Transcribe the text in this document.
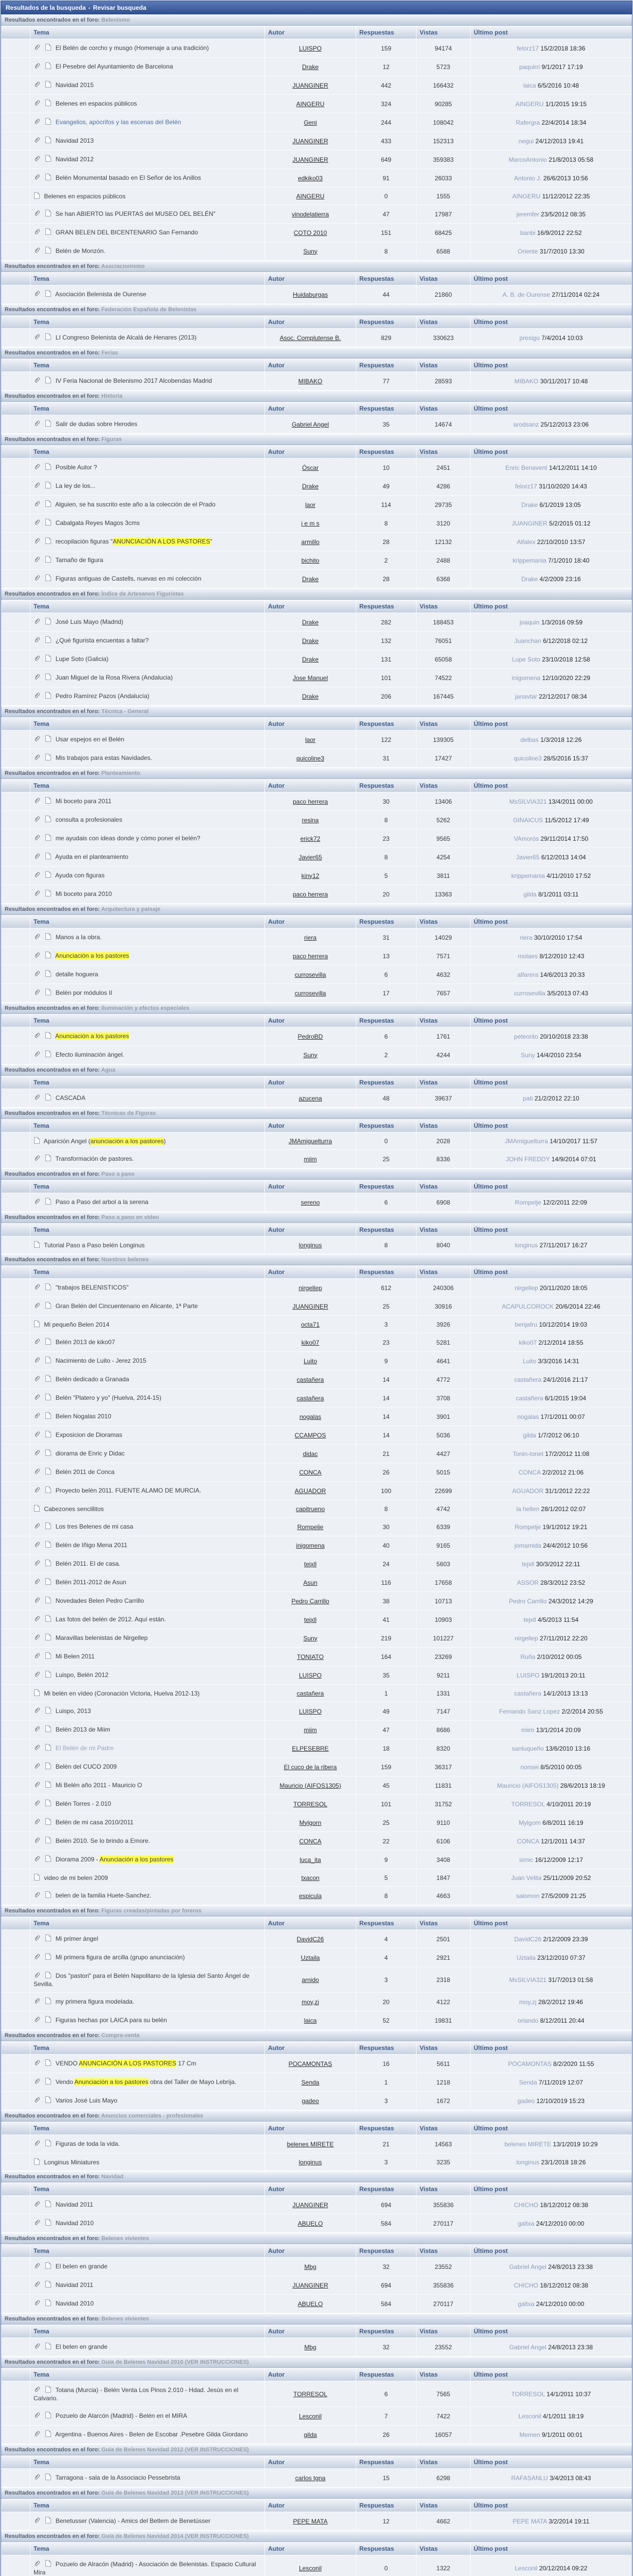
Resultados de la busqueda - Revisar busqueda
Resultados encontrados en el foro: Belenismo
	Tema	Autor	Respuestas	Vistas	Último post
	El Belén de corcho y musgo (Homenaje a una tradición)	LUISPO	159	94174	felorz17 15/2/2018 18:36
	El Pesebre del Ayuntamiento de Barcelona	Drake	12	5723	paquirri 9/1/2017 17:19
	Navidad 2015	JUANGINER	442	166432	laica 6/5/2016 10:48
	Belenes en espacios públicos	AINGERU	324	90285	AINGERU 1/1/2015 19:15
	Evangelios, apócrifos y las escenas del Belén	Geni	244	108042	Rafergra 22/4/2014 18:34
	Navidad 2013	JUANGINER	433	152313	negui 24/12/2013 19:41
	Navidad 2012	JUANGINER	649	359383	MarcoAntonio 21/8/2013 05:58
	Belén Monumental basado en El Señor de los Anillos	edkiko03	91	26033	Antonio J. 26/6/2013 10:56
	Belenes en espacios públicos	AINGERU	0	1555	AINGERU 11/12/2012 22:35
	Se han ABIERTO las PUERTAS del MUSEO DEL BELÉN"	vinodelatierra	47	17987	jeremfer 23/5/2012 08:35
	GRAN BELEN DEL BICENTENARIO San Fernando	COTO 2010	151	68425	banbi 16/9/2012 22:52
	Belén de Monzón.	Suny	8	6588	Oriente 31/7/2010 13:30
Resultados encontrados en el foro: Asociacionismo
	Tema	Autor	Respuestas	Vistas	Último post
	Asociación Belenista de Ourense	Huidaburgas	44	21860	A. B. de Ourense 27/11/2014 02:24
Resultados encontrados en el foro: Federación Española de Belenistas
	Tema	Autor	Respuestas	Vistas	Último post
	LI Congreso Belenista de Alcalá de Henares (2013)	Asoc. Complutense B.	829	330623	presigu 7/4/2014 10:03
Resultados encontrados en el foro: Ferias
	Tema	Autor	Respuestas	Vistas	Último post
	IV Feria Nacional de Belenismo 2017 Alcobendas Madrid	MIBAKO	77	28593	MIBAKO 30/11/2017 10:48
Resultados encontrados en el foro: Historia
	Tema	Autor	Respuestas	Vistas	Último post
	Salir de dudas sobre Herodes	Gabriel Angel	35	14674	arodsanz 25/12/2013 23:06
Resultados encontrados en el foro: Figuras
	Tema	Autor	Respuestas	Vistas	Último post
	Posible Autor ?	Òscar	10	2451	Enric Benavent 14/12/2011 14:10
	La ley de los...	Drake	49	4286	felorz17 31/10/2020 14:43
	Alguien, se ha suscrito este año a la colección de el Prado	laor	114	29735	Drake 6/1/2019 13:05
	Cabalgata Reyes Magos 3cms	i e m s	8	3120	JUANGINER 5/2/2015 01:12
	recopilación figuras "ANUNCIACIÓN A LOS PASTORES"	armillo	28	12132	Alfalex 22/10/2010 13:57
	Tamaño de figura	bichito	2	2488	krippemania 7/1/2010 18:40
	Figuras antiguas de Castells, nuevas en mi colección	Drake	28	6368	Drake 4/2/2009 23:16
Resultados encontrados en el foro: Índice de Artesanos Figuristas
	Tema	Autor	Respuestas	Vistas	Último post
	José Luis Mayo (Madrid)	Drake	282	188453	joaquin 1/3/2016 09:59
	¿Qué figurista encuentas a faltar?	Drake	132	76051	Juanchan 6/12/2018 02:12
	Lupe Soto (Galicia)	Drake	131	65058	Lupe Soto 23/10/2018 12:58
	Juan Miguel de la Rosa Rivera (Andalucia)	Jose Manuel	101	74522	inigomena 12/10/2020 22:29
	Pedro Ramírez Pazos (Andalucía)	Drake	206	167445	janavtar 22/12/2017 08:34
Resultados encontrados en el foro: Técnica - General
	Tema	Autor	Respuestas	Vistas	Último post
	Usar espejos en el Belén	laor	122	139305	delbas 1/3/2018 12:26
	Mis trabajos para estas Navidades.	quicoline3	31	17427	quicoline3 28/5/2016 15:37
Resultados encontrados en el foro: Planteamiento
	Tema	Autor	Respuestas	Vistas	Último post
	Mi boceto para 2011	paco herrera	30	13406	MsSILVIA321 13/4/2011 00:00
	consulta a profesionales	resina	8	5262	GINAICUS 11/5/2012 17:49
	me ayudais con ideas donde y cómo poner el belén?	erick72	23	9565	VAmorós 29/11/2014 17:50
	Ayuda en el planteamiento	Javier65	8	4254	Javier65 6/12/2013 14:04
	Ayuda con figuras	kiny12	5	3811	krippemania 4/11/2010 17:52
	Mi boceto para 2010	paco herrera	20	13363	gilda 8/1/2011 03:11
Resultados encontrados en el foro: Arquitectura y paisaje
	Tema	Autor	Respuestas	Vistas	Último post
	Manos a la obra.	riera	31	14029	riera 30/10/2010 17:54
	Anunciación a los pastores	paco herrera	13	7571	molaes 8/12/2010 12:43
	detalle hoguera	currosevilla	6	4632	alfarera 14/6/2013 20:33
	Belén por módulos II	currosevilla	17	7657	currosevilla 3/5/2013 07:43
Resultados encontrados en el foro: Iluminación y efectos especiales
	Tema	Autor	Respuestas	Vistas	Último post
	Anunciación a los pastores	PedroBD	6	1761	peteorito 20/10/2018 23:38
	Efecto iluminación ángel.	Suny	2	4244	Suny 14/4/2010 23:54
Resultados encontrados en el foro: Agua
	Tema	Autor	Respuestas	Vistas	Último post
	CASCADA	azucena	48	39637	pati 21/2/2012 22:10
Resultados encontrados en el foro: Técnicas de Figuras
	Tema	Autor	Respuestas	Vistas	Último post
	Aparición Angel (anunciación a los pastores)	JMAmiguelturra	0	2028	JMAmiguelturra 14/10/2017 11:57
	Transformación de pastores.	miim	25	8336	JOHN FREDDY 14/9/2014 07:01
Resultados encontrados en el foro: Paso a paso
	Tema	Autor	Respuestas	Vistas	Último post
	Paso a Paso del arbol a la serena	sereno	6	6908	Rompelje 12/2/2011 22:09
Resultados encontrados en el foro: Paso a paso en vídeo
	Tema	Autor	Respuestas	Vistas	Último post
	Tutorial Paso a Paso belén Longinus	longinus	8	8040	longinus 27/11/2017 16:27
Resultados encontrados en el foro: Nuestros belenes
	Tema	Autor	Respuestas	Vistas	Último post
	"trabajos BELENISTICOS"	nirgellep	612	240306	nirgellep 20/11/2020 18:05
	Gran Belén del Cincuentenario en Alicante, 1ª Parte	JUANGINER	25	30916	ACAPULCOROCK 20/6/2014 22:46
	Mi pequeño Belen 2014	octa71	3	3926	benjafru 10/12/2014 19:03
	Belén 2013 de kiko07	kiko07	23	5281	kiko07 2/12/2014 18:55
	Nacimiento de Luito - Jerez 2015	Luito	9	4641	Luito 3/3/2016 14:31
	Belén dedicado a Granada	castañera	14	4772	castañera 24/1/2016 21:17
	Belén "Platero y yo" (Huelva, 2014-15)	castañera	14	3708	castañera 6/1/2015 19:04
	Belen Nogalas 2010	nogalas	14	3901	nogalas 17/1/2011 00:07
	Exposicion de Dioramas	CCAMPOS	14	5036	gilda 1/7/2012 06:10
	diorama de Enric y Didac	didac	21	4427	Tonin-tonet 17/2/2012 11:08
	Belén 2011 de Conca	CONCA	26	5015	CONCA 2/2/2012 21:06
	Proyecto belén 2011. FUENTE ALAMO DE MURCIA.	AGUADOR	100	22699	AGUADOR 31/1/2012 22:22
	Cabezones sencillitos	capitrueno	8	4742	la hellen 28/1/2012 02:07
	Los tres Belenes de mi casa	Rompelje	30	6339	Rompelje 19/1/2012 19:21
	Belén de Iñigo Mena 2011	inigomena	40	9165	jomamida 24/4/2012 10:56
	Belén 2011. El de casa.	tejxll	24	5603	tejxll 30/3/2012 22:11
	Belén 2011-2012 de Asun	Asun	116	17658	ASSOR 28/3/2012 23:52
	Novedades Belen Pedro Carrillo	Pedro Carrillo	38	10713	Pedro Carrillo 24/3/2012 14:29
	Las fotos del belén de 2012. Aquí están.	tejxll	41	10903	tejxll 4/5/2013 11:54
	Maravillas belenistas de Nirgellep	Suny	219	101227	nirgellep 27/11/2012 22:20
	Mi Belen 2011	TONIATO	164	23269	Ruña 2/10/2012 00:05
	Luispo, Belén 2012	LUISPO	35	9211	LUISPO 19/1/2013 20:11
	Mi belén en vídeo (Coronación Victoria, Huelva 2012-13)	castañera	1	1331	castañera 14/1/2013 13:13
	Luispo, 2013	LUISPO	49	7147	Fernando Sanz Lopez 2/2/2014 20:55
	Belén 2013 de Miim	miim	47	8686	miim 13/1/2014 20:09
	El Belén de mi Padre	ELPESEBRE	18	8320	sanluqueño 13/6/2010 13:16
	Belén del CUCO 2009	El cuco de la ribera	159	36317	nonsei 8/5/2010 00:05
	Mi Belén año 2011 - Mauricio O	Mauricio (AIFOS1305)	45	11831	Mauricio (AIFOS1305) 28/6/2013 18:19
	Belén Torres - 2.010	TORRESOL	101	31752	TORRESOL 4/10/2011 20:19
	Belén de mi casa 2010/2011	Mylgorn	25	9110	Mylgorn 6/8/2011 16:19
	Belén 2010. Se lo brindo a Emore.	CONCA	22	6106	CONCA 12/1/2011 14:37
	Diorama 2009 - Anunciación a los pastores	luca_ita	9	3408	simic 16/12/2009 12:17
	video de mi belen 2009	txacon	5	1847	Juan Velita 25/11/2009 20:52
	belen de la familia Huete-Sanchez.	espicula	8	4663	salomon 27/5/2009 21:25
Resultados encontrados en el foro: Figuras creadas/pintadas por foreros
	Tema	Autor	Respuestas	Vistas	Último post
	Mi primer ángel	DavidC26	4	2501	DavidC26 2/12/2009 23:39
	Mi primera figura de arcilla (grupo anunciación)	Uztaila	4	2921	Uztaila 23/12/2010 07:37
	Dos "pastori" para el Belén Napolitano de la Iglesia del Santo Ángel de Sevilla.	arnido	3	2318	MsSILVIA321 31/7/2013 01:58
	my primera figura modelada.	moy,zj	20	4122	moy,zj 28/2/2012 19:46
	Figuras hechas por LAICA para su belén	laica	52	19831	orlando 8/12/2011 20:44
Resultados encontrados en el foro: Compra-venta
	Tema	Autor	Respuestas	Vistas	Último post
	VENDO ANUNCIACIÓN A LOS PASTORES 17 Cm	POCAMONTAS	16	5611	POCAMONTAS 8/2/2020 11:55
	Vendo Anunciación a los pastores obra del Taller de Mayo Lebrija.	Senda	1	1218	Senda 7/11/2019 12:07
	Varios José Luis Mayo	gadeo	3	1672	gadeo 12/10/2019 15:23
Resultados encontrados en el foro: Anuncios comerciales - profesionales
	Tema	Autor	Respuestas	Vistas	Último post
	Figuras de toda la vida.	belenes MIRETE	21	14563	belenes MIRETE 13/1/2019 10:29
	Longinus Miniatures	longinus	3	3235	longinus 23/1/2018 18:26
Resultados encontrados en el foro: Navidad
	Tema	Autor	Respuestas	Vistas	Último post
	Navidad 2011	JUANGINER	694	355836	CHICHO 18/12/2012 08:38
	Navidad 2010	ABUELO	584	270117	galtxa 24/12/2010 00:00
Resultados encontrados en el foro: Belenes vivientes
	Tema	Autor	Respuestas	Vistas	Último post
	El belen en grande	Mbg	32	23552	Gabriel Angel 24/8/2013 23:38
	Navidad 2011	JUANGINER	694	355836	CHICHO 18/12/2012 08:38
	Navidad 2010	ABUELO	584	270117	galtxa 24/12/2010 00:00
Resultados encontrados en el foro: Belenes vivientes
	Tema	Autor	Respuestas	Vistas	Último post
	El belen en grande	Mbg	32	23552	Gabriel Angel 24/8/2013 23:38
Resultados encontrados en el foro: Guía de Belenes Navidad 2010 (VER INSTRUCCIONES)
	Tema	Autor	Respuestas	Vistas	Último post
	Totana (Murcia) - Belén Venta Los Pinos 2.010 - Hdad. Jesús en el Calvario.	TORRESOL	6	7565	TORRESOL 14/1/2011 10:37
	Pozuelo de Alarcón (Madrid) - Belén en el MIRA	Lesconil	7	7422	Lesconil 4/1/2011 18:19
	Argentina - Buenos Aires - Belen de Escobar .Pesebre Gilda Giordano	gilda	26	16057	Memen 9/1/2011 00:01
Resultados encontrados en el foro: Guía de Belenes Navidad 2012 (VER INSTRUCCIONES)
	Tema	Autor	Respuestas	Vistas	Último post
	Tarragona - sala de la Associacio Pessebrista	carlos tgna	15	6298	RAFASANLU 3/4/2013 08:43
Resultados encontrados en el foro: Guía de Belenes Navidad 2013 (VER INSTRUCCIONES)
	Tema	Autor	Respuestas	Vistas	Último post
	Benetusser (Valencia) - Amics del Betlem de Benetússer	PEPE MATA	12	4662	PEPE MATA 3/2/2014 19:11
Resultados encontrados en el foro: Guía de Belenes Navidad 2014 (VER INSTRUCCIONES)
	Tema	Autor	Respuestas	Vistas	Último post
	Pozuelo de Alracón (Madrid) - Asociación de Belenistas. Espacio Cultural Mira	Lesconil	0	1322	Lesconil 20/12/2014 09:22
